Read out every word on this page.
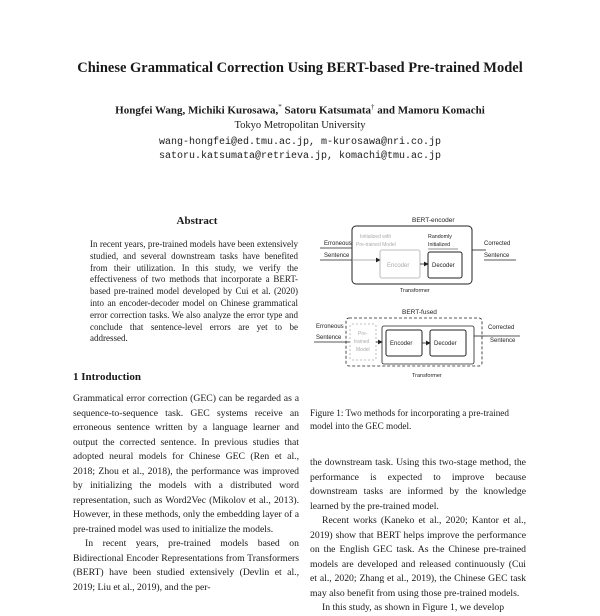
Chinese Grammatical Correction Using BERT-based Pre-trained Model
Hongfei Wang, Michiki Kurosawa,* Satoru Katsumata† and Mamoru Komachi
Tokyo Metropolitan University
wang-hongfei@ed.tmu.ac.jp, m-kurosawa@nri.co.jp
satoru.katsumata@retrieva.jp, komachi@tmu.ac.jp
Abstract
In recent years, pre-trained models have been extensively studied, and several downstream tasks have benefited from their utilization. In this study, we verify the effectiveness of two methods that incorporate a BERT-based pre-trained model developed by Cui et al. (2020) into an encoder-decoder model on Chinese grammatical error correction tasks. We also analyze the error type and conclude that sentence-level errors are yet to be addressed.
1 Introduction

Grammatical error correction (GEC) can be regarded as a sequence-to-sequence task. GEC systems receive an erroneous sentence written by a language learner and output the corrected sentence. In previous studies that adopted neural models for Chinese GEC (Ren et al., 2018; Zhou et al., 2018), the performance was improved by initializing the models with a distributed word representation, such as Word2Vec (Mikolov et al., 2013). However, in these methods, only the embedding layer of a pre-trained model was used to initialize the models.

In recent years, pre-trained models based on Bidirectional Encoder Representations from Transformers (BERT) have been studied extensively (Devlin et al., 2019; Liu et al., 2019), and the per-

BERT-encoder
Erroneous
Sentence
Initialized with
Pre-trained Model
Randomly
Initialized
Encoder	Decoder
Transformer
Corrected
Sentence
BERT-fused
Erroneous
Sentence
Pre-
trained
Model
Encoder	Decoder
Transformer
Corrected
Sentence
Figure 1: Two methods for incorporating a pre-trained model into the GEC model.

the downstream task. Using this two-stage method, the performance is expected to improve because downstream tasks are informed by the knowledge learned by the pre-trained model.

Recent works (Kaneko et al., 2020; Kantor et al., 2019) show that BERT helps improve the performance on the English GEC task. As the Chinese pre-trained models are developed and released continuously (Cui et al., 2020; Zhang et al., 2019), the Chinese GEC task may also benefit from using those pre-trained models.

In this study, as shown in Figure 1, we develop
